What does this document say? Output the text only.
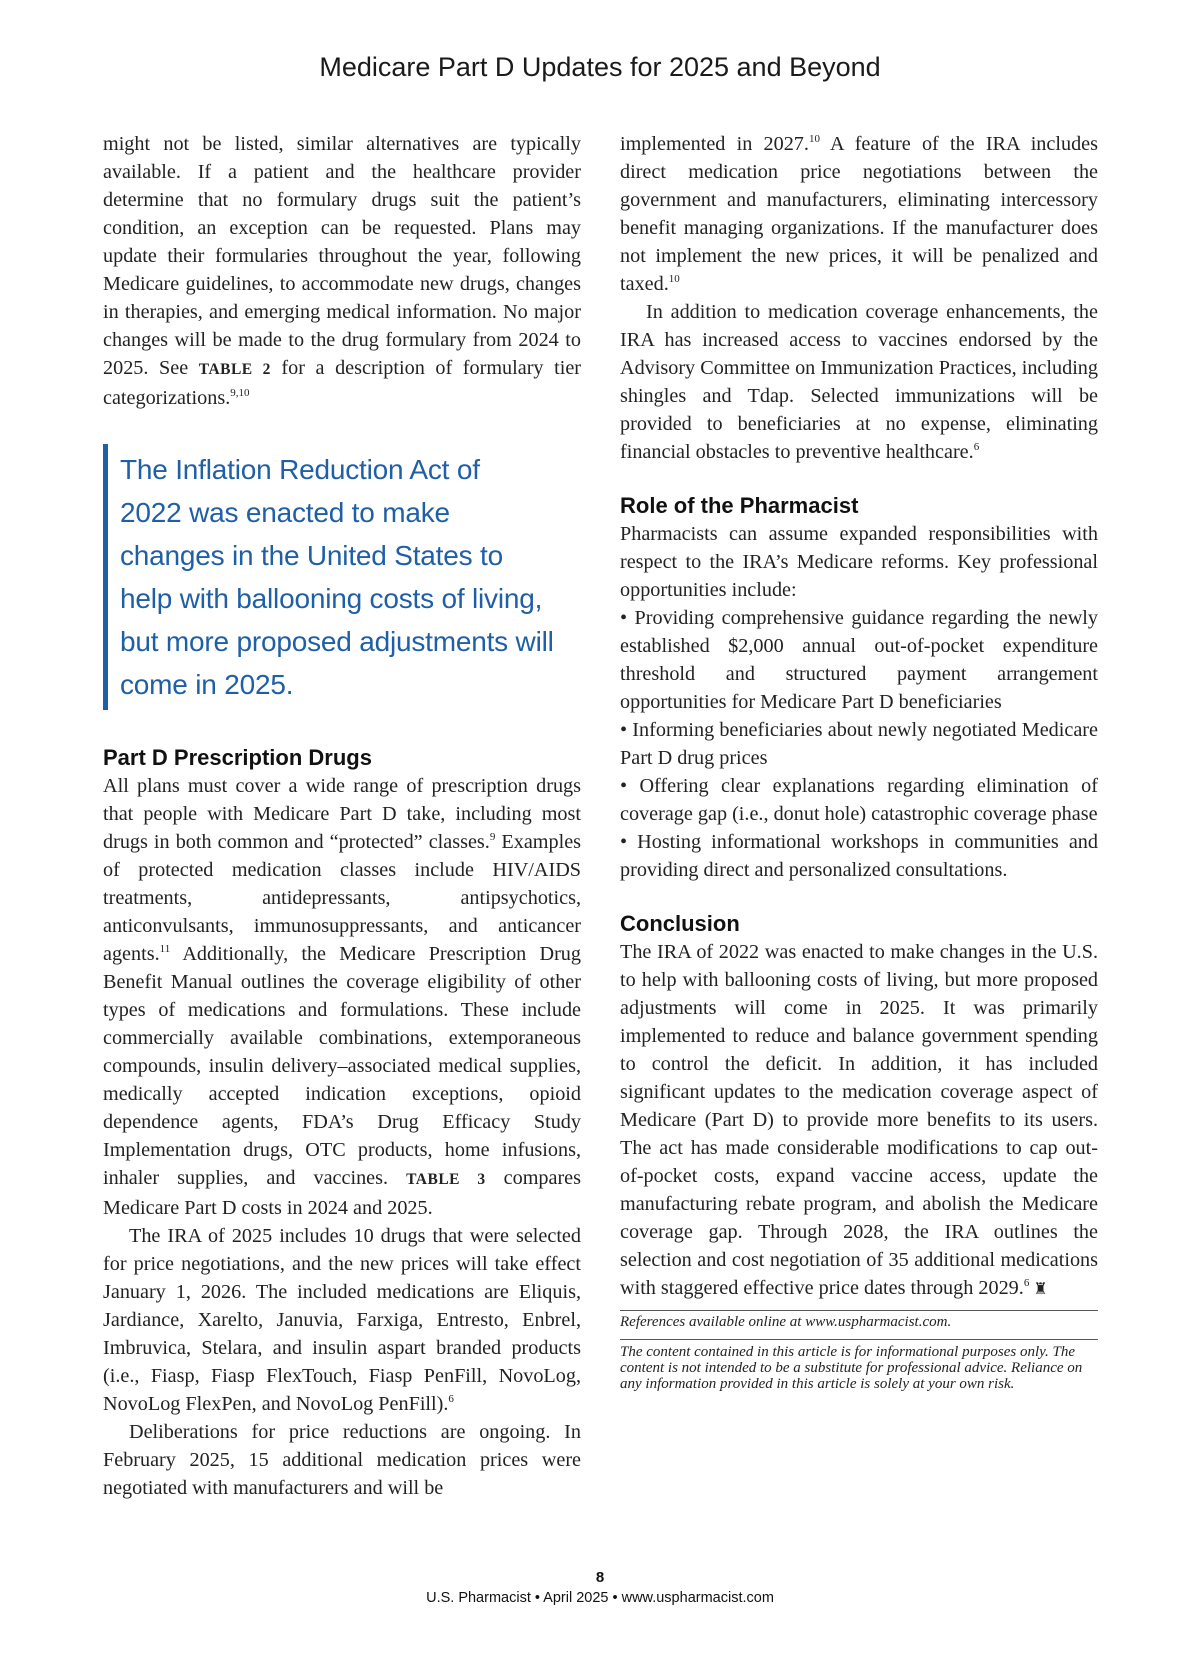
Medicare Part D Updates for 2025 and Beyond

might not be listed, similar alternatives are typically available. If a patient and the healthcare provider determine that no formulary drugs suit the patient’s condition, an exception can be requested. Plans may update their formularies throughout the year, following Medicare guidelines, to accommodate new drugs, changes in therapies, and emerging medical information. No major changes will be made to the drug formulary from 2024 to 2025. See TABLE 2 for a description of formulary tier categorizations.$^{9,10}$

The Inflation Reduction Act of
2022 was enacted to make
changes in the United States to
help with ballooning costs of living,
but more proposed adjustments will
come in 2025.
Part D Prescription Drugs

All plans must cover a wide range of prescription drugs that people with Medicare Part D take, including most drugs in both common and “protected” classes.$^9$ Examples of protected medication classes include HIV/AIDS treatments, antidepressants, antipsychotics, anticonvulsants, immunosuppressants, and anticancer agents.$^{11}$ Additionally, the Medicare Prescription Drug Benefit Manual outlines the coverage eligibility of other types of medications and formulations. These include commercially available combinations, extemporaneous compounds, insulin delivery–associated medical supplies, medically accepted indication exceptions, opioid dependence agents, FDA’s Drug Efficacy Study Implementation drugs, OTC products, home infusions, inhaler supplies, and vaccines. TABLE 3 compares Medicare Part D costs in 2024 and 2025.

The IRA of 2025 includes 10 drugs that were selected for price negotiations, and the new prices will take effect January 1, 2026. The included medications are Eliquis, Jardiance, Xarelto, Januvia, Farxiga, Entresto, Enbrel, Imbruvica, Stelara, and insulin aspart branded products (i.e., Fiasp, Fiasp FlexTouch, Fiasp PenFill, NovoLog, NovoLog FlexPen, and NovoLog PenFill).$^6$

Deliberations for price reductions are ongoing. In February 2025, 15 additional medication prices were negotiated with manufacturers and will be

implemented in 2027.10 A feature of the IRA includes direct medication price negotiations between the government and manufacturers, eliminating intercessory benefit managing organizations. If the manufacturer does not implement the new prices, it will be penalized and taxed.$^{10}$

In addition to medication coverage enhancements, the IRA has increased access to vaccines endorsed by the Advisory Committee on Immunization Practices, including shingles and Tdap. Selected immunizations will be provided to beneficiaries at no expense, eliminating financial obstacles to preventive healthcare.$^6$

Role of the Pharmacist

Pharmacists can assume expanded responsibilities with respect to the IRA’s Medicare reforms. Key professional opportunities include:

• Providing comprehensive guidance regarding the newly established $2,000 annual out-of-pocket expenditure threshold and structured payment arrangement opportunities for Medicare Part D beneficiaries
• Informing beneficiaries about newly negotiated Medicare Part D drug prices
• Offering clear explanations regarding elimination of coverage gap (i.e., donut hole) catastrophic coverage phase
• Hosting informational workshops in communities and providing direct and personalized consultations.
Conclusion

The IRA of 2022 was enacted to make changes in the U.S. to help with ballooning costs of living, but more proposed adjustments will come in 2025. It was primarily implemented to reduce and balance government spending to control the deficit. In addition, it has included significant updates to the medication coverage aspect of Medicare (Part D) to provide more benefits to its users. The act has made considerable modifications to cap out-of-pocket costs, expand vaccine access, update the manufacturing rebate program, and abolish the Medicare coverage gap. Through 2028, the IRA outlines the selection and cost negotiation of 35 additional medications with staggered effective price dates through 2029.$^6$ ♜

References available online at www.uspharmacist.com.
The content contained in this article is for informational purposes only. The content is not intended to be a substitute for professional advice. Reliance on any information provided in this article is solely at your own risk.
8
U.S. Pharmacist • April 2025 • www.uspharmacist.com
